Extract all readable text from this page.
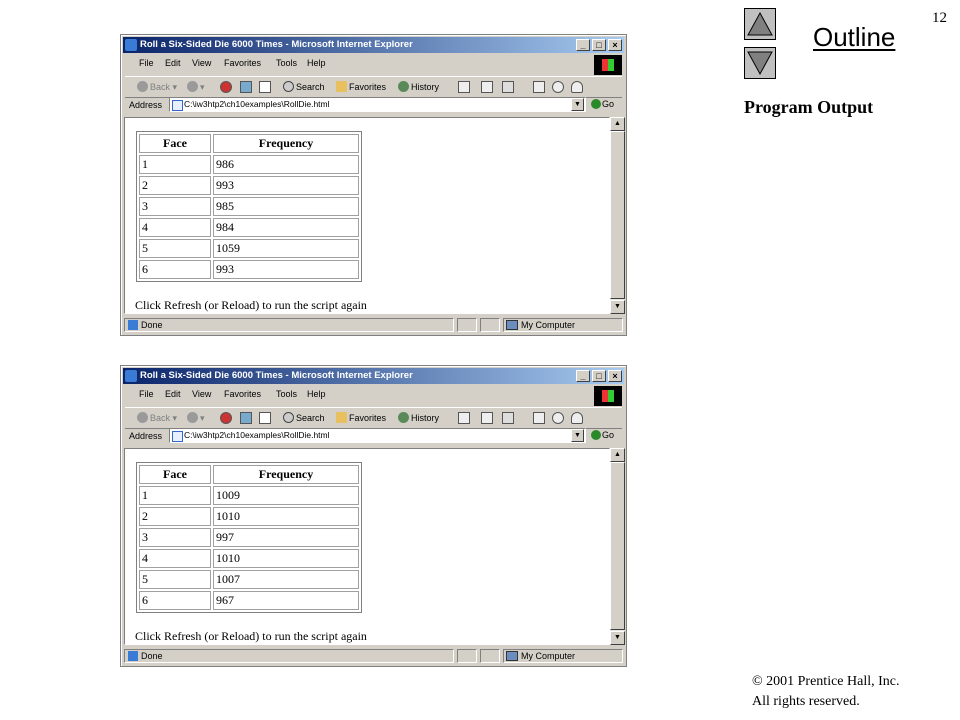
12
Outline
Program Output
© 2001 Prentice Hall, Inc.
All rights reserved.
Roll a Six-Sided Die 6000 Times - Microsoft Internet Explorer	_	□	×
File Edit View Favorites Tools Help
Back ▾	▾	Search	Favorites	History
Address	C:\iw3htp2\ch10examples\RollDie.html	▼	Go
Face	Frequency
1	986
2	993
3	985
4	984
5	1059
6	993
Click Refresh (or Reload) to run the script again
▲
▼
Done	My Computer
Roll a Six-Sided Die 6000 Times - Microsoft Internet Explorer	_	□	×
File Edit View Favorites Tools Help
Back ▾	▾	Search	Favorites	History
Address	C:\iw3htp2\ch10examples\RollDie.html	▼	Go
Face	Frequency
1	1009
2	1010
3	997
4	1010
5	1007
6	967
Click Refresh (or Reload) to run the script again
▲
▼
Done	My Computer
